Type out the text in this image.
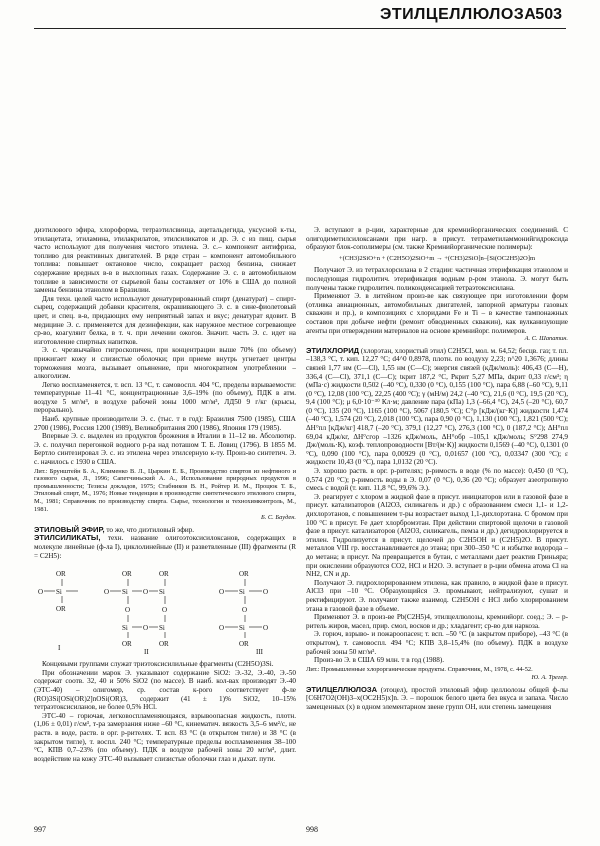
ЭТИЛЦЕЛЛЮЛОЗА
503

диэтилового эфира, хлороформа, тетраэтилсвинца, ацетальдегида, уксусной к-ты, этилацетата, этиламина, этилакрилатов, этилсиликатов и др. Э. с из пищ. сырья часто используют для получения чистого этилена. Э. с.– компонент антифриза, топливо для реактивных двигателей. В ряде стран – компонент автомобильного топлива: повышает октановое число, сокращает расход бензина, снижает содержание вредных в-в в выхлопных газах. Содержание Э. с. в автомобильном топливе в зависимости от сырьевой базы составляет от 10% в США до полной замены бензина этанолом в Бразилии.

Для техн. целей часто используют денатурированный спирт (денатурат) – спирт-сырец, содержащий добавки красителя, окрашивающего Э. с. в сине-фиолетовый цвет, и спец. в-в, придающих ему неприятный запах и вкус; денатурат ядовит. В медицине Э. с. применяется для дезинфекции, как наружное местное согревающее ср-во, коагулянт белка, в т. ч. при лечении ожогов. Значит. часть Э. с. идет на изготовление спиртных напитков.

Э. с. чрезвычайно гигроскопичен, при концентрации выше 70% (по объему) прижигает кожу и слизистые оболочки; при приеме внутрь угнетает центры торможения мозга, вызывает опьянение, при многократном употреблении – алкоголизм.

Легко воспламеняется, т. всп. 13 °С, т. самовоспл. 404 °С, пределы взрываемости: температурные 11–41 °С, концентрационные 3,6–19% (по объему), ПДК в атм. воздухе 5 мг/м³, в воздухе рабочей зоны 1000 мг/м³, ЛД50 9 г/кг (крысы, перорально).

Наиб. крупные производители Э. с. (тыс. т в год): Бразилия 7500 (1985), США 2700 (1986), Россия 1200 (1989), Великобритания 200 (1986), Япония 179 (1985).

Впервые Э. с. выделен из продуктов брожения в Италии в 11–12 вв. Абсолютир. Э. с. получил перегонкой водного р-ра над поташом Т. Е. Ловиц (1796). В 1855 М. Бертло синтезировал Э. с. из этилена через этилсерную к-ту. Произ-во синтетич. Э. с. начилось с 1930 в США.

Лит.: Брунштейн Б. А., Клименко В. Л., Цыркин Е. Б., Производство спиртов из нефтяного и газового сырья, Л., 1996; Сапетчиньский А. А., Использование природных продуктов в промышленности; Тезисы докладов, 1975; Стабников В. Н., Ройтер И. М., Процюк Т. Б., Этиловый спирт, М., 1976; Новые тенденции в производстве синтетического этилового спирта, М., 1981; Справочник по производству спирта. Сырье, технология и технохимконтроль, М., 1981.

Б. С. Бауден.

ЭТИЛОВЫЙ ЭФИР, то же, что диэтиловый эфир.

ЭТИЛСИЛИКАТЫ, техн. название олигоэтоксисилоксанов, содержащих в молекуле линейные (ф-ла I), циклолинейные (II) и разветвленные (III) фрагменты (R = C2H5):

OR
O Si
OR
I
OR
O Si O Si
OR
O	O
Si O Si
OR	OR
II
OR
O Si	O
O
Si
O	O
OR
III

Концевыми группами служат триэтоксисилильные фрагменты (C2H5O)3Si.

При обозначении марок Э. указывают содержание SiO2: Э.-32, Э.-40, Э.-50 содержат соотв. 32, 40 и 50% SiO2 (по массе). В наиб. кол-вах производят Э.-40 (ЭТС-40) – олигомер, ср. состав к-рого соответствует ф-ле (RO)3Si[OSi(OR)2]nOSi(OR)3, содержит (41 ± 1)% SiO2, 10–15% тетраэтоксисиланов, не более 0,5% HCl.

ЭТС-40 – горючая, легковоспламеняющаяся, взрывоопасная жидкость, плотн. (1,06 ± 0,01) г/см³, т-ра замерзания ниже –60 °С, кинематич. вязкость 3,5–6 мм²/с, не раств. в воде, раств. в орг. р-рителях. Т. всп. 83 °С (в открытом тигле) и 38 °С (в закрытом тигле), т. воспл. 240 °С; температурные пределы воспламенения 38–100 °С, КПВ 0,7–23% (по объему). ПДК в воздухе рабочей зоны 20 мг/м³, длит. воздействие на кожу ЭТС-40 вызывает слизистые оболочки глаз и дыхат. пути.

Э. вступают в р-ции, характерные для кремнийорганических соединений. С олигодиметилсилоксанами при нагр. в присут. тетраметиламмонийгидроксида образуют блок-сополимеры (см. также Кремнийорганические полимеры):

+(CH3)2SiO+n + (C2H5O)2SiO+m → +(CH3)2SiO]n–[Si(OC2H5)2O]m

Получают Э. из тетрахлорсилана в 2 стадии: частичная этерификация этанолом и последующая гидролитич. этерификация водным р-ром этанола. Э. могут быть получены также гидролитич. поликонденсацией тетраэтоксисилана.

Применяют Э. в литейном произ-ве как связующее при изготовлении форм (отливка авиационных, автомобильных двигателей, запорной арматуры газовых скважин и пр.), в композициях с хлоридами Fe и Ti – в качестве тампонажных составов при добыче нефти (ремонт обводненных скважин), как вулканизующие агенты при отверждении материалов на основе кремнийорг. полимеров.

А. С. Шапатин.

ЭТИЛХЛОРИД (хлорэтан, хлористый этил) C2H5Cl, мол. м. 64,52; бесцв. газ; т. пл. –138,3 °С, т. кип. 12,27 °С; d4^0 0,8978, плотн. по воздуху 2,23; n^20 1,3676; длины связей 1,77 нм (С—Cl), 1,55 нм (С—С); энергия связей (кДж/моль): 406,43 (С—Н), 336,4 (С—Cl), 371,1 (С—С); tкрит 187,2 °С, Pкрит 5,27 МПа, dкрит 0,33 г/см³; η (мПа·с) жидкости 0,502 (–40 °С), 0,330 (0 °С), 0,155 (100 °С), пара 6,88 (–60 °С), 9,11 (0 °С), 12,08 (100 °С), 22,25 (400 °С); γ (мН/м) 24,2 (–40 °С), 21,6 (0 °С), 19,5 (20 °С), 9,4 (100 °С); μ 6,0·10⁻³⁰ Кл·м; давление пара (кПа) 1,3 (–66,4 °С), 24,5 (–20 °С), 60,7 (0 °С), 135 (20 °С), 1165 (100 °С), 5067 (180,5 °С); С°p [кДж/(кг·К)] жидкости 1,474 (–40 °С), 1,574 (20 °С), 2,018 (100 °С), пара 0,90 (0 °С), 1,130 (100 °С), 1,821 (500 °С); ΔH°пл [кДж/кг] 418,7 (–20 °С), 379,1 (12,27 °С), 276,3 (100 °С), 0 (187,2 °С); ΔH°пл 69,04 кДж/кг, ΔH°сгор –1326 кДж/моль, ΔH°обр –105,1 кДж/моль; S°298 274,9 Дж/(моль·К), коэф. теплопроводности [Вт/(м·К)] жидкости 0,1569 (–40 °С), 0,1301 (0 °С), 0,090 (100 °С), пара 0,00929 (0 °С), 0,01657 (100 °С), 0,03347 (300 °С); ε жидкости 10,43 (0 °С), пара 1,0132 (20 °С).

Э. хорошо раств. в орг. р-рителях; р-римость в воде (% по массе): 0,450 (0 °С), 0,574 (20 °С); р-римость воды в Э. 0,07 (0 °С), 0,36 (20 °С); образует азеотропную смесь с водой (т. кип. 11,8 °С, 99,6% Э.).

Э. реагирует с хлором в жидкой фазе в присут. инициаторов или в газовой фазе в присут. катализаторов (Al2O3, силикагель и др.) с образованием смеси 1,1- и 1,2-дихлорэтанов, с повышением т-ры возрастает выход 1,1-дихлорэтана. С бромом при 100 °С в присут. Fe дает хлорбромэтан. При действии спиртовой щелочи в газовой фазе в присут. катализаторов (Al2O3, силикагель, пемза и др.) дегидрохлорируется в этилен. Гидролизуется в присут. щелочей до C2H5OH и (C2H5)2O. В присут. металлов VIII гр. восстанавливается до этана; при 300–350 °С и избытке водорода – до метана; в присут. Na превращается в бутан, с металлами дает реактив Гриньяра; при окислении образуются CO2, HCl и H2O. Э. вступает в р-ции обмена атома Cl на NH2, CN и др.

Получают Э. гидрохлорированием этилена, как правило, в жидкой фазе в присут. AlCl3 при –10 °С. Образующийся Э. промывают, нейтрализуют, сушат и ректифицируют. Э. получают также взаимод. C2H5OH с HCl либо хлорированием этана в газовой фазе в объеме.

Применяют Э. в произ-ве Pb(C2H5)4, этилцеллюлозы, кремнийорг. соед.; Э. – р-ритель жиров, масел, прир. смол, восков и др.; хладагент; ср-во для наркоза.

Э. горюч, взрыво- и пожароопасен; т. всп. –50 °С (в закрытом приборе), –43 °С (в открытом), т. самовоспл. 494 °С; КПВ 3,8–15,4% (по объему). ПДК в воздухе рабочей зоны 50 мг/м³.

Произ-во Э. в США 69 млн. т в год (1988).

Лит.: Промышленные хлорорганические продукты. Справочник, М., 1978, с. 44-52.

Ю. А. Трегер.

ЭТИЛЦЕЛЛЮЛОЗА (этоцел), простой этиловый эфир целлюлозы общей ф-лы [C6H7O2(OH)3–x(OC2H5)x]n. Э. – порошок белого цвета без вкуса и запаха. Число замещенных (x) в одном элементарном звене групп ОН, или степень замещения

997	998
